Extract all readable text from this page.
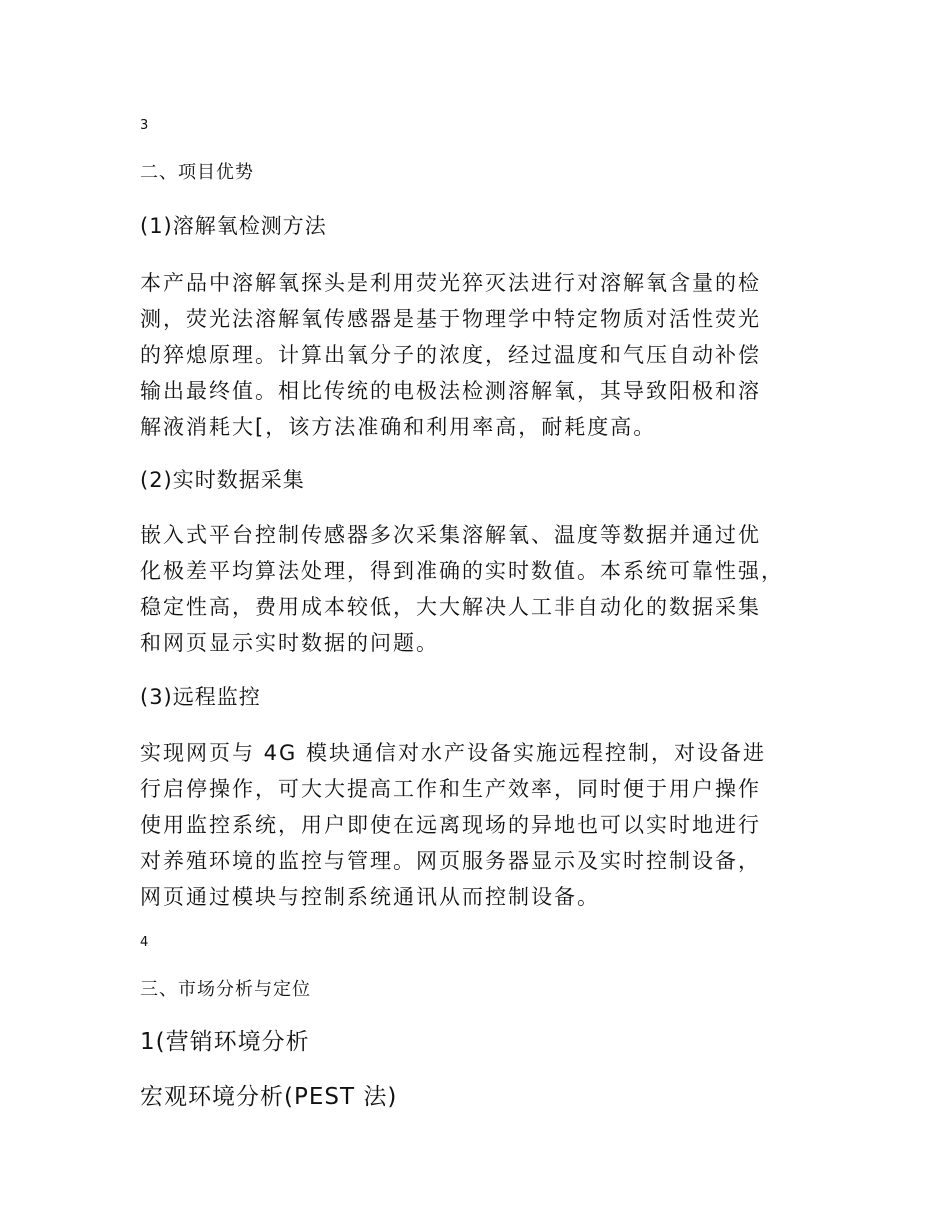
3

二、项目优势
(1)溶解氧检测方法
本产品中溶解氧探头是利用荧光猝灭法进行对溶解氧含量的检
测，荧光法溶解氧传感器是基于物理学中特定物质对活性荧光
的猝熄原理。计算出氧分子的浓度，经过温度和气压自动补偿
输出最终值。相比传统的电极法检测溶解氧，其导致阳极和溶
解液消耗大[，该方法准确和利用率高，耐耗度高。
(2)实时数据采集
嵌入式平台控制传感器多次采集溶解氧、温度等数据并通过优
化极差平均算法处理，得到准确的实时数值。本系统可靠性强，
稳定性高，费用成本较低，大大解决人工非自动化的数据采集
和网页显示实时数据的问题。
(3)远程监控
实现网页与 4G 模块通信对水产设备实施远程控制，对设备进
行启停操作，可大大提高工作和生产效率，同时便于用户操作
使用监控系统，用户即使在远离现场的异地也可以实时地进行
对养殖环境的监控与管理。网页服务器显示及实时控制设备，
网页通过模块与控制系统通讯从而控制设备。

4

三、市场分析与定位
1(营销环境分析
宏观环境分析(PEST 法)
